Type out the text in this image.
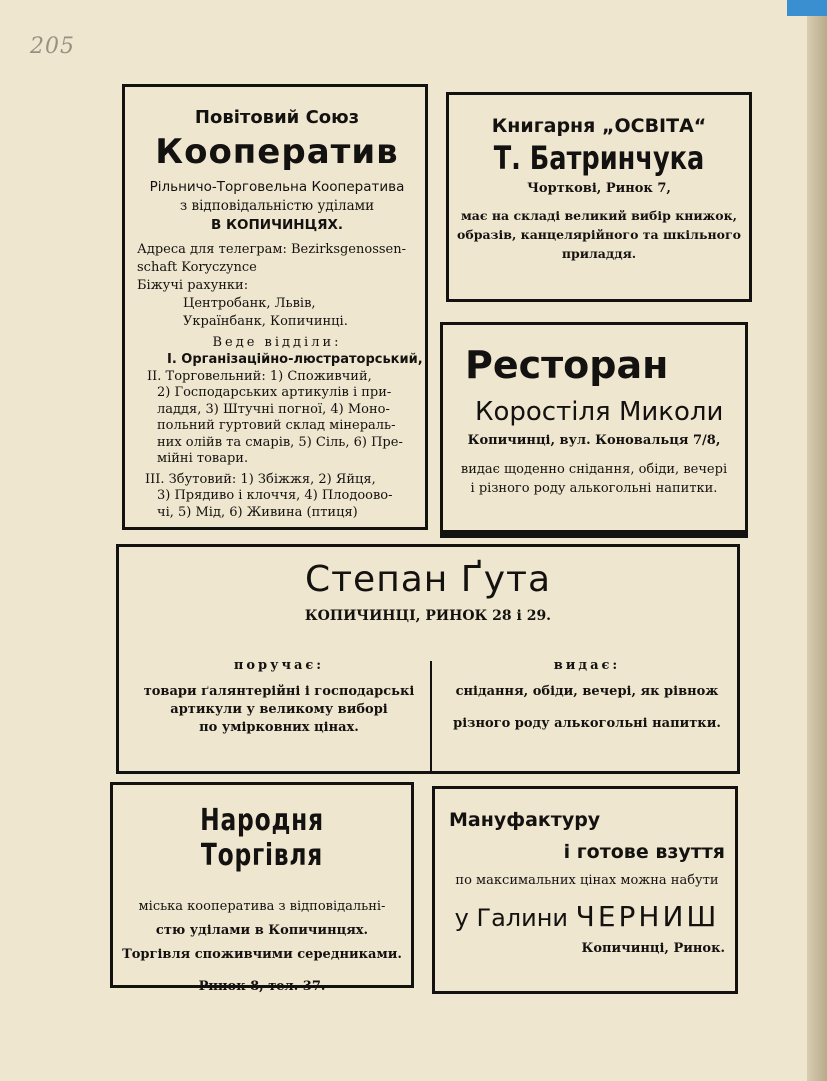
205
Повітовий Союз
Кооператив
Рільничо-Торговельна Кооператива
з відповідальністю уділами
В КОПИЧИНЦЯХ.
Адреса для телеграм: Bezirksgenossen-
schaft Koryczynce
Біжучі рахунки:
Центробанк, Львів,
Українбанк, Копичинці.
Веде відділи:
І. Організаційно-люстраторський,
ІІ. Торговельний: 1) Споживчий,
2) Господарських артикулів і при-
ладдя, 3) Штучні погної, 4) Моно-
польний гуртовий склад мінераль-
них олійв та смарів, 5) Сіль, 6) Пре-
мійні товари.
ІІІ. Збутовий: 1) Збіжжя, 2) Яйця,
3) Прядиво і клоччя, 4) Плодоово-
чі, 5) Мід, 6) Живина (птиця)
Книгарня „ОСВІТА“
Т. Батринчука
Чорткові, Ринок 7,
має на складі великий вибір книжок,
образів, канцелярійного та шкільного
приладдя.
Ресторан
Коростіля Миколи
Копичинці, вул. Коновальця 7/8,
видає щоденно снідання, обіди, вечері
і різного роду алькогольні напитки.
Степан Ґута
КОПИЧИНЦІ, РИНОК 28 і 29.
поручає:
товари ґалянтерійні і господарські
артикули у великому виборі
по умірковних цінах.
видає:
снідання, обіди, вечері, як рівнож
різного роду алькогольні напитки.
Народня Торгівля
міська кооператива з відповідальні-
стю уділами в Копичинцях.
Торгівля споживчими середниками.
Ринок 8, тел. 37.
Мануфактуру
і готове взуття
по максимальних цінах можна набути
у Галини ЧЕРНИШ
Копичинці, Ринок.
